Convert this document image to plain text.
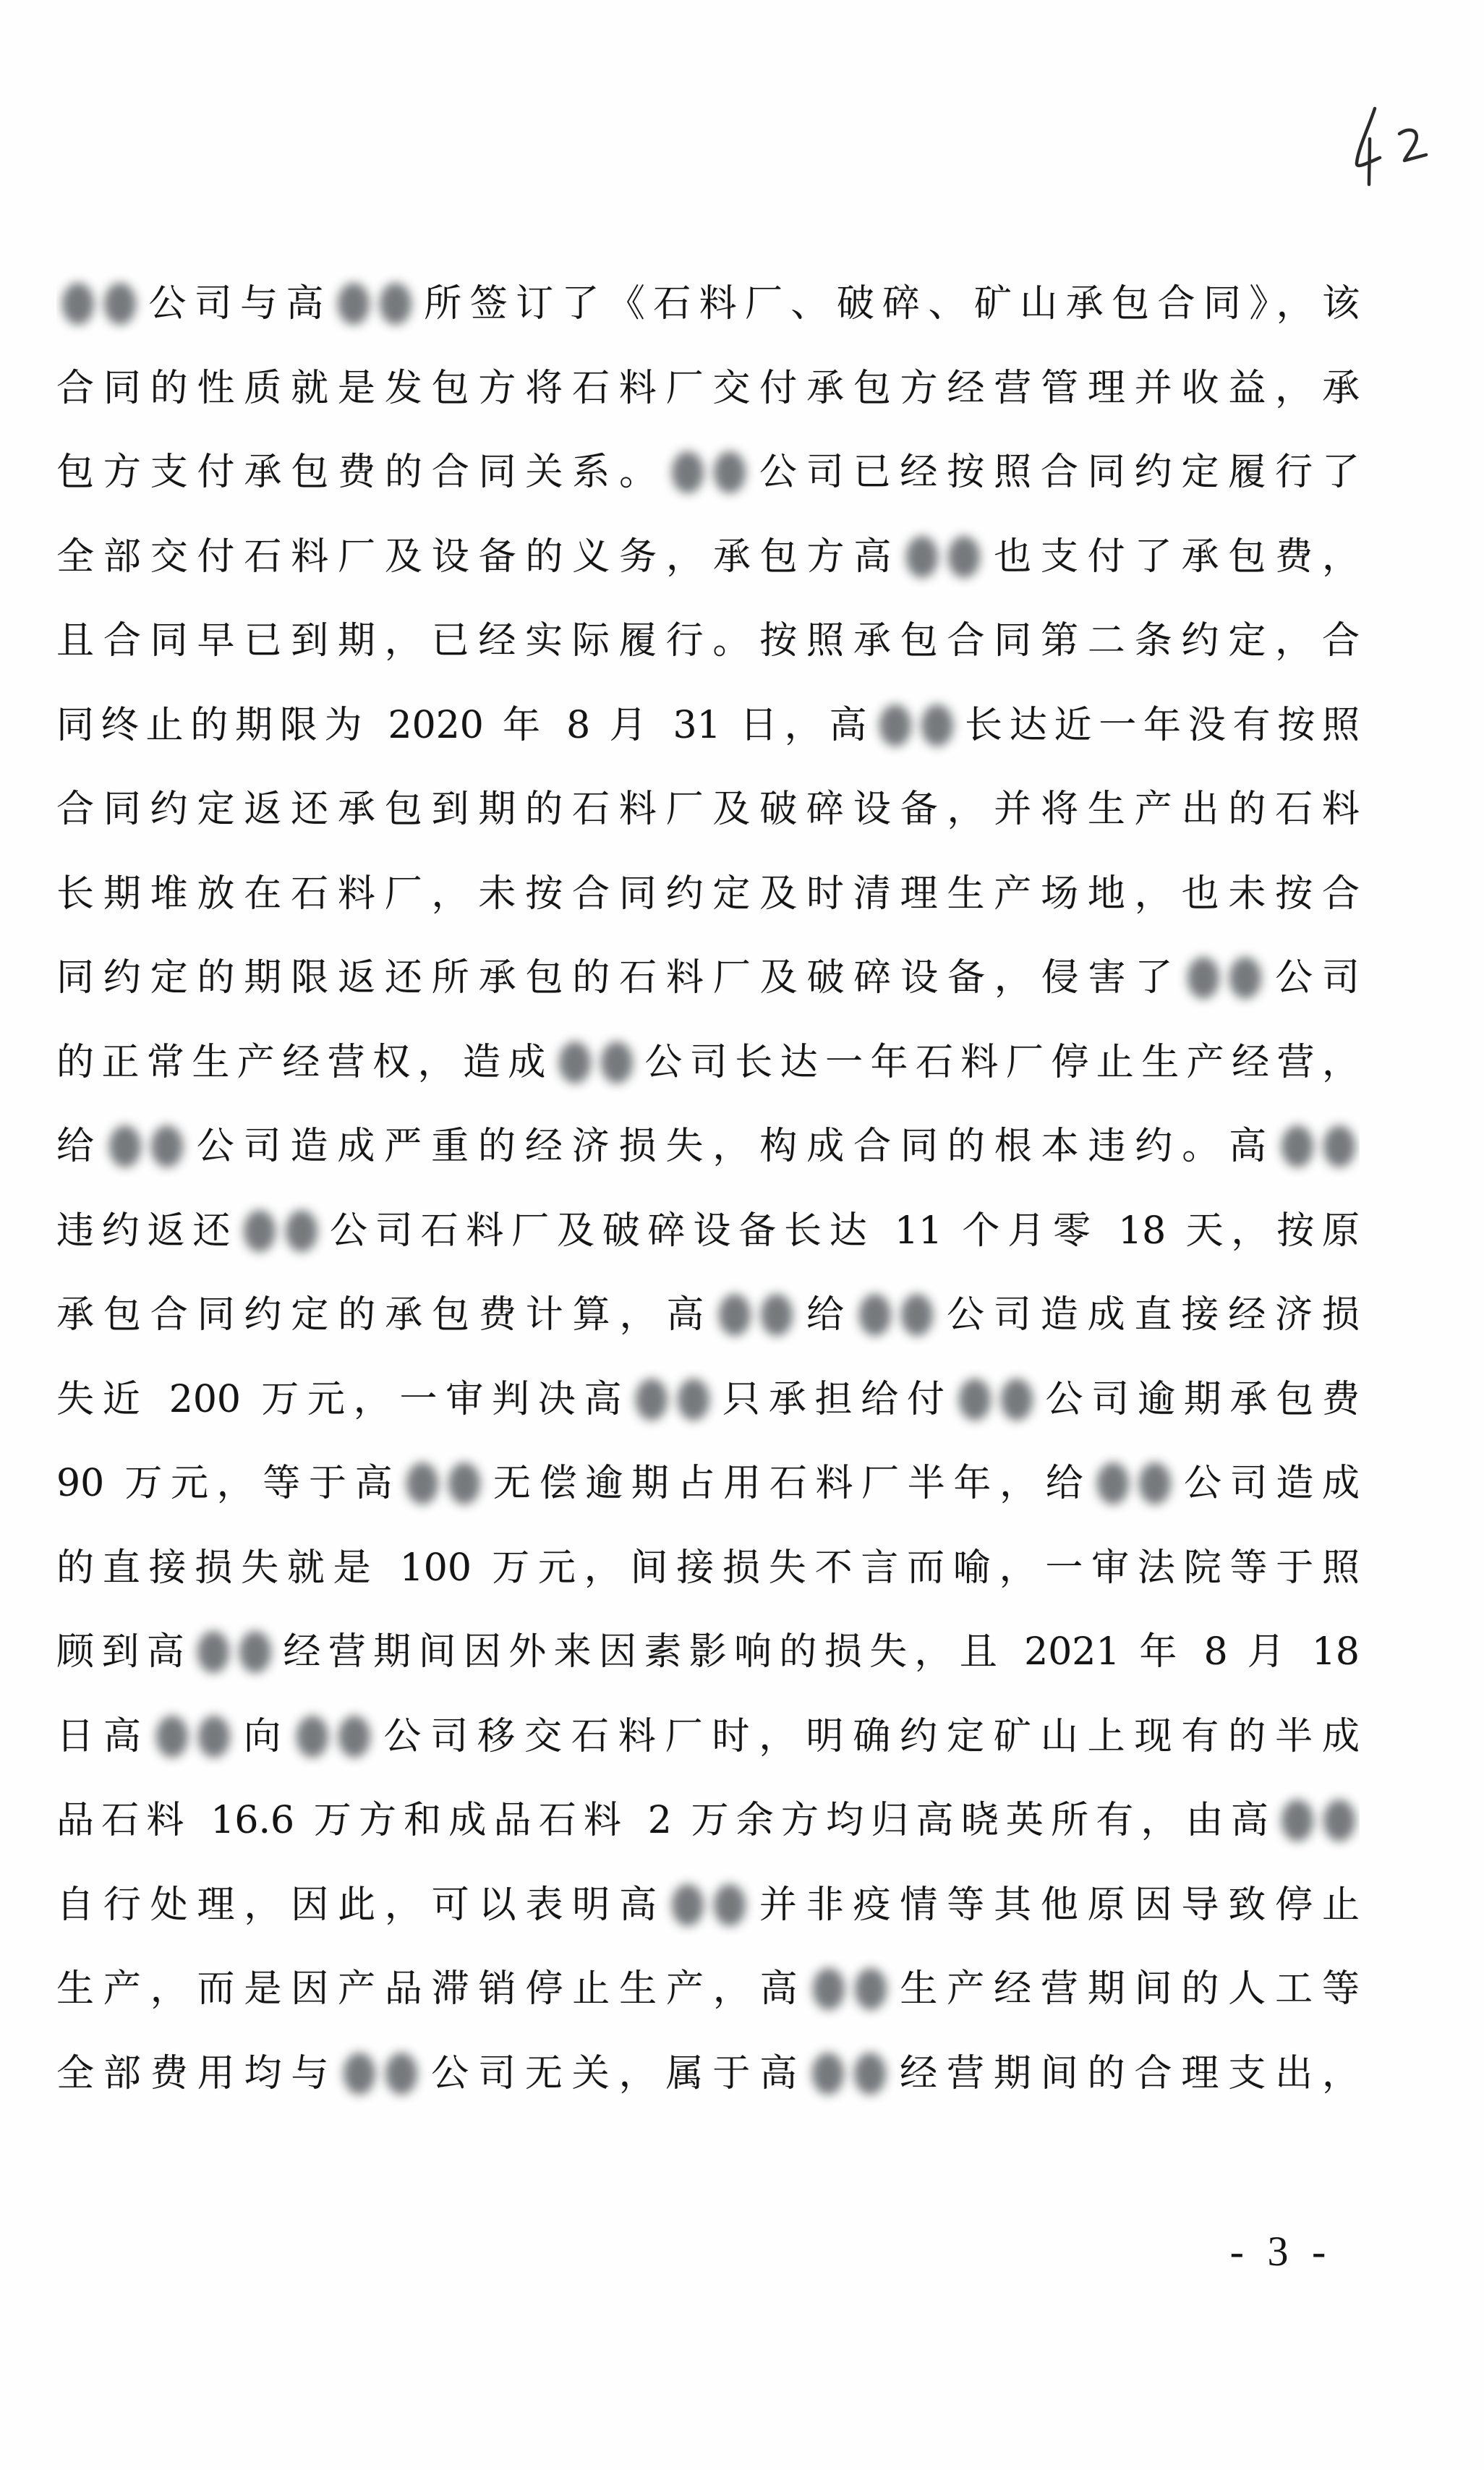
公司与高 所签订了《石料厂、破碎、矿山承包合同》，该
合同的性质就是发包方将石料厂交付承包方经营管理并收益，承
包方支付承包费的合同关系。 公司已经按照合同约定履行了
全部交付石料厂及设备的义务，承包方高 也支付了承包费，
且合同早已到期，已经实际履行。按照承包合同第二条约定，合
同终止的期限为 2020 年 8 月 31 日，高 长达近一年没有按照
合同约定返还承包到期的石料厂及破碎设备，并将生产出的石料
长期堆放在石料厂，未按合同约定及时清理生产场地，也未按合
同约定的期限返还所承包的石料厂及破碎设备，侵害了 公司
的正常生产经营权，造成 公司长达一年石料厂停止生产经营，
给 公司造成严重的经济损失，构成合同的根本违约。高
违约返还 公司石料厂及破碎设备长达 11 个月零 18 天，按原
承包合同约定的承包费计算，高 给 公司造成直接经济损
失近 200 万元，一审判决高 只承担给付 公司逾期承包费
90 万元，等于高 无偿逾期占用石料厂半年，给 公司造成
的直接损失就是 100 万元，间接损失不言而喻，一审法院等于照
顾到高 经营期间因外来因素影响的损失，且 2021 年 8 月 18
日高 向 公司移交石料厂时，明确约定矿山上现有的半成
品石料 16.6 万方和成品石料 2 万余方均归高晓英所有，由高
自行处理，因此，可以表明高 并非疫情等其他原因导致停止
生产，而是因产品滞销停止生产，高 生产经营期间的人工等
全部费用均与 公司无关，属于高 经营期间的合理支出，
- 3 -
